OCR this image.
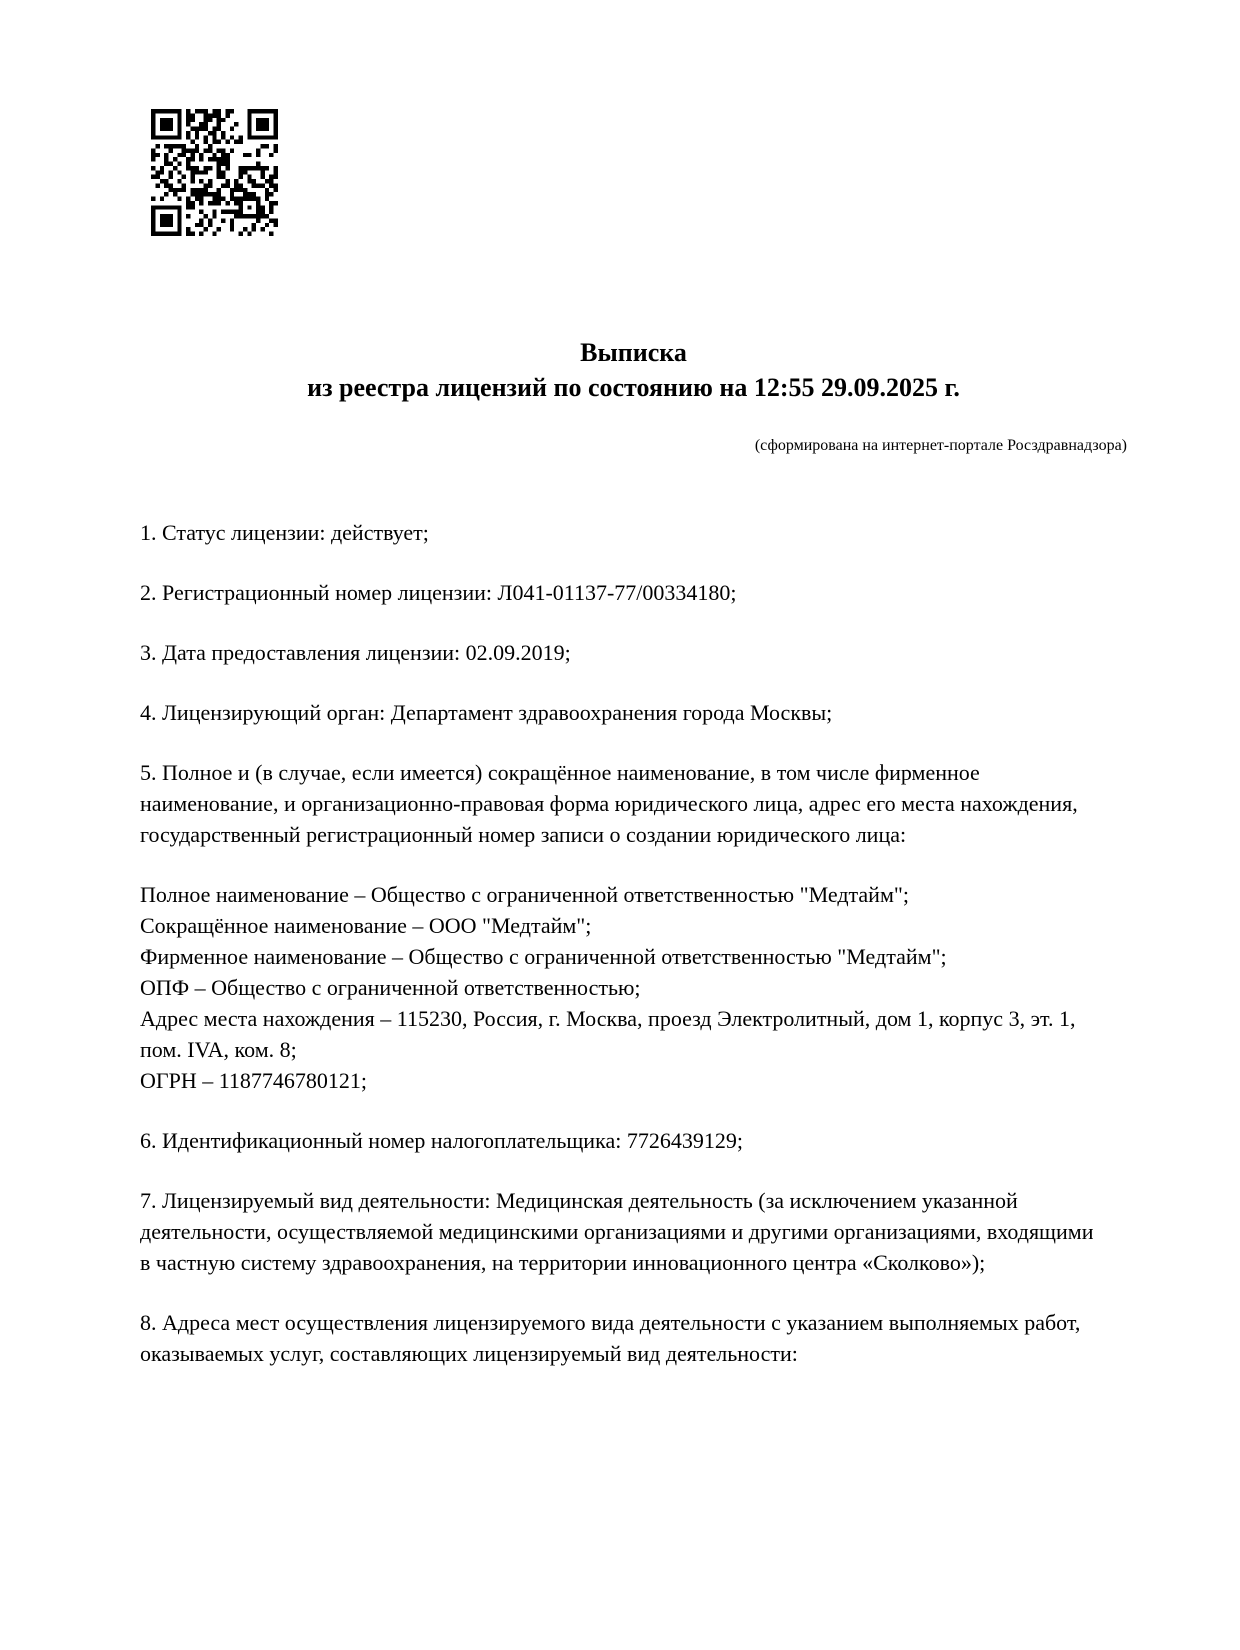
Выписка
из реестра лицензий по состоянию на 12:55 29.09.2025 г.
(сформирована на интернет-портале Росздравнадзора)
1. Статус лицензии: действует;
2. Регистрационный номер лицензии: Л041-01137-77/00334180;
3. Дата предоставления лицензии: 02.09.2019;
4. Лицензирующий орган: Департамент здравоохранения города Москвы;
5. Полное и (в случае, если имеется) сокращённое наименование, в том числе фирменное наименование, и организационно-правовая форма юридического лица, адрес его места нахождения, государственный регистрационный номер записи о создании юридического лица:
Полное наименование – Общество с ограниченной ответственностью "Медтайм";
Сокращённое наименование – ООО "Медтайм";
Фирменное наименование – Общество с ограниченной ответственностью "Медтайм";
ОПФ – Общество с ограниченной ответственностью;
Адрес места нахождения – 115230, Россия, г. Москва, проезд Электролитный, дом 1, корпус 3, эт. 1, пом. IVA, ком. 8;
ОГРН – 1187746780121;
6. Идентификационный номер налогоплательщика: 7726439129;
7. Лицензируемый вид деятельности: Медицинская деятельность (за исключением указанной деятельности, осуществляемой медицинскими организациями и другими организациями, входящими в частную систему здравоохранения, на территории инновационного центра «Сколково»);
8. Адреса мест осуществления лицензируемого вида деятельности с указанием выполняемых работ, оказываемых услуг, составляющих лицензируемый вид деятельности:
